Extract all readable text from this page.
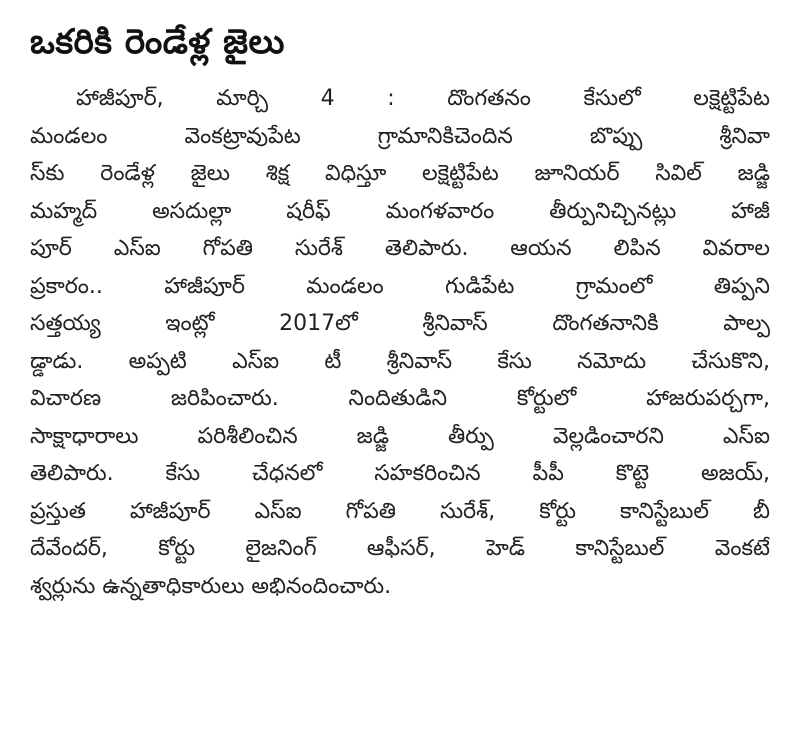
ఒకరికి రెండేళ్ల జైలు
హాజీపూర్, మార్చి 4 : దొంగతనం కేసులో లక్షెట్టిపేట
మండలం వెంకట్రావుపేట గ్రామానికిచెందిన బొప్పు శ్రీనివా
స్‌కు రెండేళ్ల జైలు శిక్ష విధిస్తూ లక్షెట్టిపేట జూనియర్ సివిల్ జడ్జి
మహ్మద్ అసదుల్లా షరీఫ్ మంగళవారం తీర్పునిచ్చినట్లు హాజీ
పూర్ ఎస్‌ఐ గోపతి సురేశ్ తెలిపారు. ఆయన లిపిన వివరాల
ప్రకారం.. హాజీపూర్ మండలం గుడిపేట గ్రామంలో తిప్పని
సత్తయ్య ఇంట్లో 2017లో శ్రీనివాస్ దొంగతనానికి పాల్ప
డ్డాడు. అప్పటి ఎస్‌ఐ టీ శ్రీనివాస్ కేసు నమోదు చేసుకొని,
విచారణ జరిపించారు. నిందితుడిని కోర్టులో హాజరుపర్చగా,
సాక్షాధారాలు పరిశీలించిన జడ్జి తీర్పు వెల్లడించారని ఎస్‌ఐ
తెలిపారు. కేసు చేధనలో సహకరించిన పీపీ కొట్టె అజయ్,
ప్రస్తుత హాజీపూర్ ఎస్‌ఐ గోపతి సురేశ్, కోర్టు కానిస్టేబుల్ బీ
దేవేందర్, కోర్టు లైజనింగ్ ఆఫీసర్, హెడ్ కానిస్టేబుల్ వెంకటే
శ్వర్లును ఉన్నతాధికారులు అభినందించారు.
